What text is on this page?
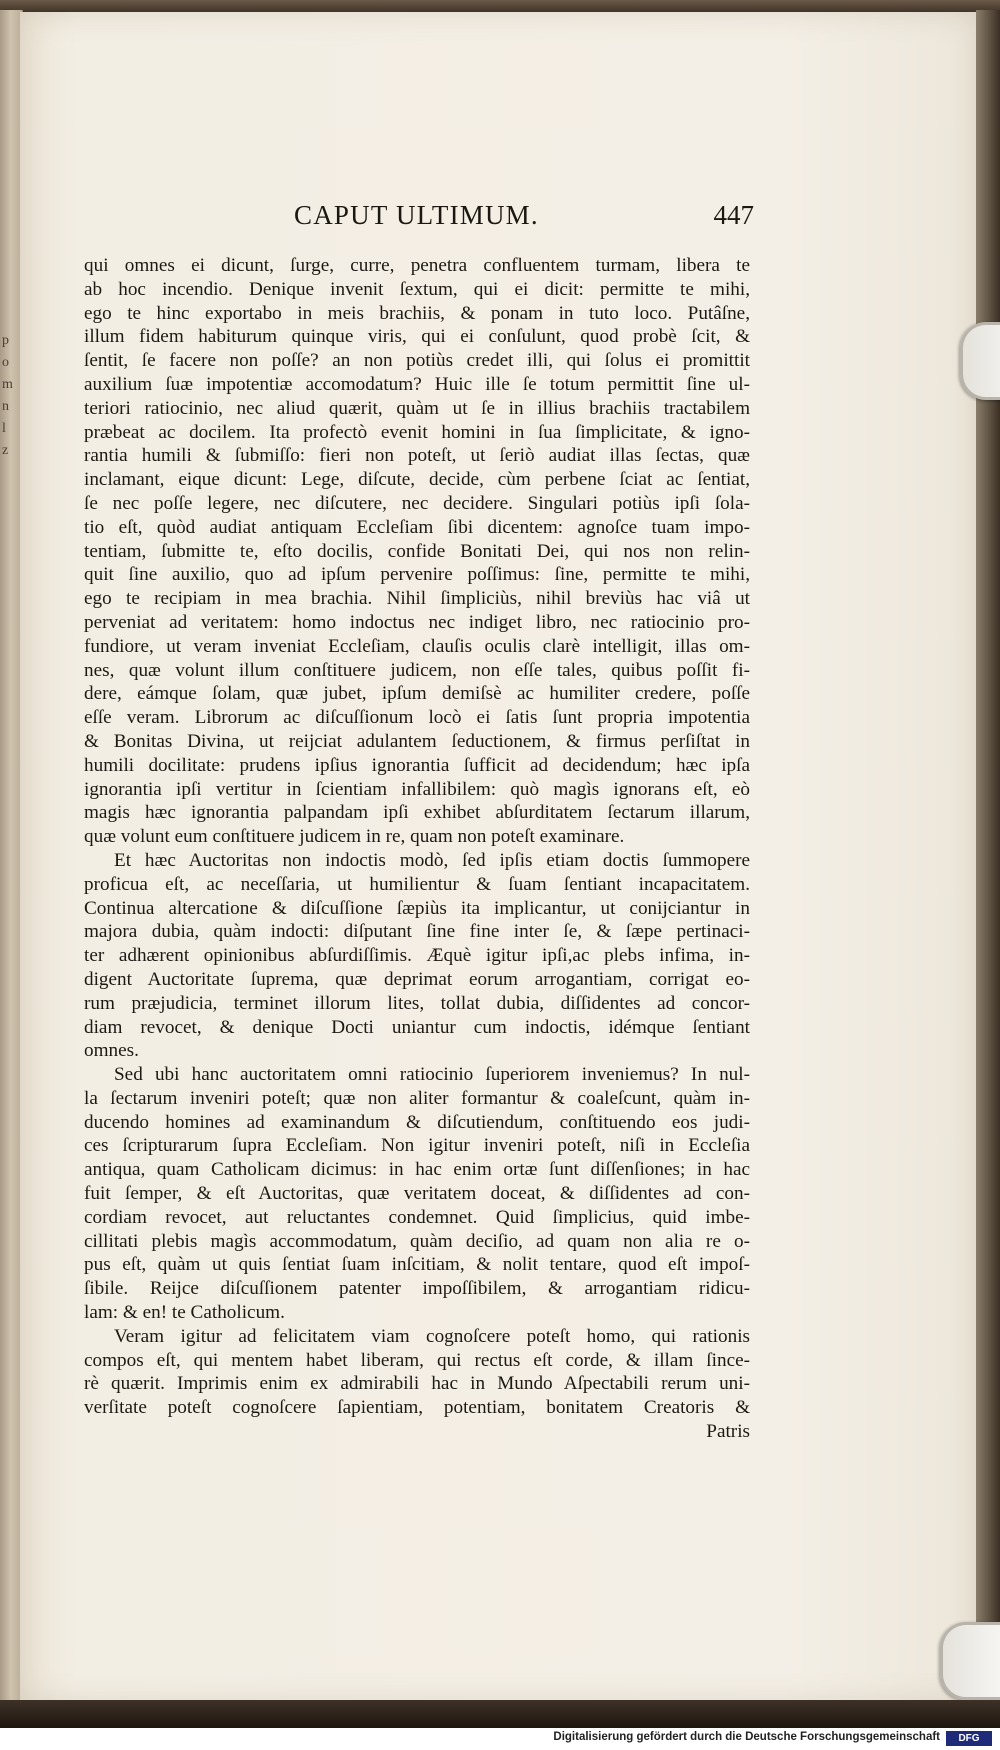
p
o
m
n
l
z
CAPUT ULTIMUM.	447
qui omnes ei dicunt, ſurge, curre, penetra confluentem turmam, libera te
ab hoc incendio. Denique invenit ſextum, qui ei dicit: permitte te mihi,
ego te hinc exportabo in meis brachiis, & ponam in tuto loco. Putâſne,
illum fidem habiturum quinque viris, qui ei conſulunt, quod probè ſcit, &
ſentit, ſe facere non poſſe? an non potiùs credet illi, qui ſolus ei promittit
auxilium ſuæ impotentiæ accomodatum? Huic ille ſe totum permittit ſine ul-
teriori ratiocinio, nec aliud quærit, quàm ut ſe in illius brachiis tractabilem
præbeat ac docilem. Ita profectò evenit homini in ſua ſimplicitate, & igno-
rantia humili & ſubmiſſo: fieri non poteſt, ut ſeriò audiat illas ſectas, quæ
inclamant, eique dicunt: Lege, diſcute, decide, cùm perbene ſciat ac ſentiat,
ſe nec poſſe legere, nec diſcutere, nec decidere. Singulari potiùs ipſi ſola-
tio eſt, quòd audiat antiquam Eccleſiam ſibi dicentem: agnoſce tuam impo-
tentiam, ſubmitte te, eſto docilis, confide Bonitati Dei, qui nos non relin-
quit ſine auxilio, quo ad ipſum pervenire poſſimus: ſine, permitte te mihi,
ego te recipiam in mea brachia. Nihil ſimpliciùs, nihil breviùs hac viâ ut
perveniat ad veritatem: homo indoctus nec indiget libro, nec ratiocinio pro-
fundiore, ut veram inveniat Eccleſiam, clauſis oculis clarè intelligit, illas om-
nes, quæ volunt illum conſtituere judicem, non eſſe tales, quibus poſſit fi-
dere, eámque ſolam, quæ jubet, ipſum demiſsè ac humiliter credere, poſſe
eſſe veram. Librorum ac diſcuſſionum locò ei ſatis ſunt propria impotentia
& Bonitas Divina, ut reijciat adulantem ſeductionem, & firmus perſiſtat in
humili docilitate: prudens ipſius ignorantia ſufficit ad decidendum; hæc ipſa
ignorantia ipſi vertitur in ſcientiam infallibilem: quò magìs ignorans eſt, eò
magis hæc ignorantia palpandam ipſi exhibet abſurditatem ſectarum illarum,
quæ volunt eum conſtituere judicem in re, quam non poteſt examinare.
Et hæc Auctoritas non indoctis modò, ſed ipſis etiam doctis ſummopere
proficua eſt, ac neceſſaria, ut humilientur & ſuam ſentiant incapacitatem.
Continua altercatione & diſcuſſione ſæpiùs ita implicantur, ut conijciantur in
majora dubia, quàm indocti: diſputant ſine fine inter ſe, & ſæpe pertinaci-
ter adhærent opinionibus abſurdiſſimis. Æquè igitur ipſi,ac plebs infima, in-
digent Auctoritate ſuprema, quæ deprimat eorum arrogantiam, corrigat eo-
rum præjudicia, terminet illorum lites, tollat dubia, diſſidentes ad concor-
diam revocet, & denique Docti uniantur cum indoctis, idémque ſentiant
omnes.
Sed ubi hanc auctoritatem omni ratiocinio ſuperiorem inveniemus? In nul-
la ſectarum inveniri poteſt; quæ non aliter formantur & coaleſcunt, quàm in-
ducendo homines ad examinandum & diſcutiendum, conſtituendo eos judi-
ces ſcripturarum ſupra Eccleſiam. Non igitur inveniri poteſt, niſi in Eccleſia
antiqua, quam Catholicam dicimus: in hac enim ortæ ſunt diſſenſiones; in hac
fuit ſemper, & eſt Auctoritas, quæ veritatem doceat, & diſſidentes ad con-
cordiam revocet, aut reluctantes condemnet. Quid ſimplicius, quid imbe-
cillitati plebis magìs accommodatum, quàm deciſio, ad quam non alia re o-
pus eſt, quàm ut quis ſentiat ſuam inſcitiam, & nolit tentare, quod eſt impoſ-
ſibile. Reijce diſcuſſionem patenter impoſſibilem, & arrogantiam ridicu-
lam: & en! te Catholicum.
Veram igitur ad felicitatem viam cognoſcere poteſt homo, qui rationis
compos eſt, qui mentem habet liberam, qui rectus eſt corde, & illam ſince-
rè quærit. Imprimis enim ex admirabili hac in Mundo Aſpectabili rerum uni-
verſitate poteſt cognoſcere ſapientiam, potentiam, bonitatem Creatoris &
Patris
Digitalisierung gefördert durch die Deutsche Forschungsgemeinschaft	DFG
